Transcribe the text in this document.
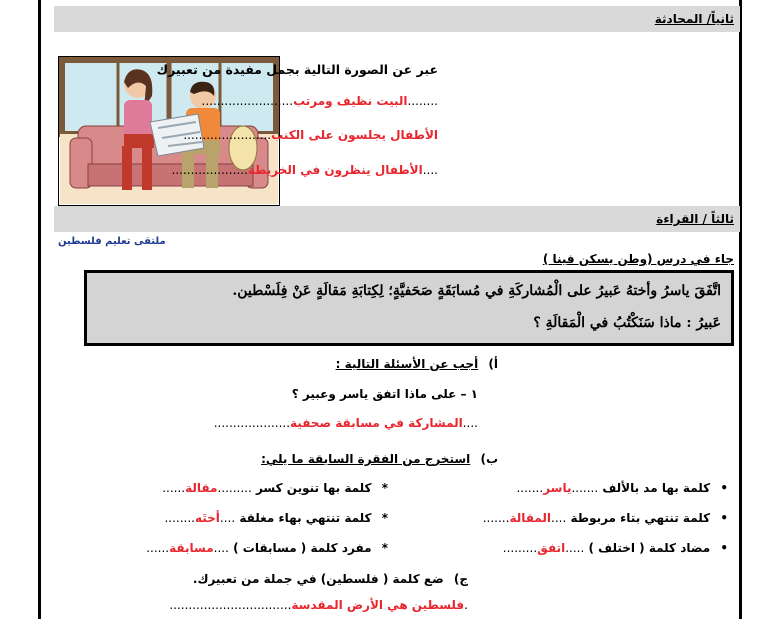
ثانياً/ المحادثة
عبر عن الصورة التالية بجمل مفيدة من تعبيرك
........البيت نظيف ومرتب........................
الأطفال يجلسون على الكنب.......................
....الأطفال ينظرون في الخريطة....................
ثالثاً / القراءة
ملتقى تعليم فلسطين
جاء في درس (وطن يسكن فينا )
اتَّفَقَ ياسرُ وأختهُ عَبيرُ على الْمُشاركَةِ في مُسابَقَةٍ صَحَفيَّةٍ؛ لِكِتابَةِ مَقالَةٍ عَنْ فِلَسْطين.
عَبيرُ : ماذا سَنَكْتُبُ في الْمَقالَةِ ؟
أ) أجب عن الأسئلة التالية :
١ – على ماذا اتفق ياسر وعبير ؟
....المشاركة في مسابقة صحفية....................
ب) استخرج من الفقرة السابقة ما يلي:
• كلمة بها مد بالألف .......ياسر.......
• كلمة تنتهي بتاء مربوطة ....المقالة.......
• مضاد كلمة ( اختلف ) .....اتفق.........
* كلمة بها تنوين كسر .........مقالة......
* كلمة تنتهي بهاء مغلقة ....أختَه........
* مفرد كلمة ( مسابقات ) ....مسابقة......
ج) ضع كلمة ( فلسطين) في جملة من تعبيرك.
.فلسطين هي الأرض المقدسة................................
